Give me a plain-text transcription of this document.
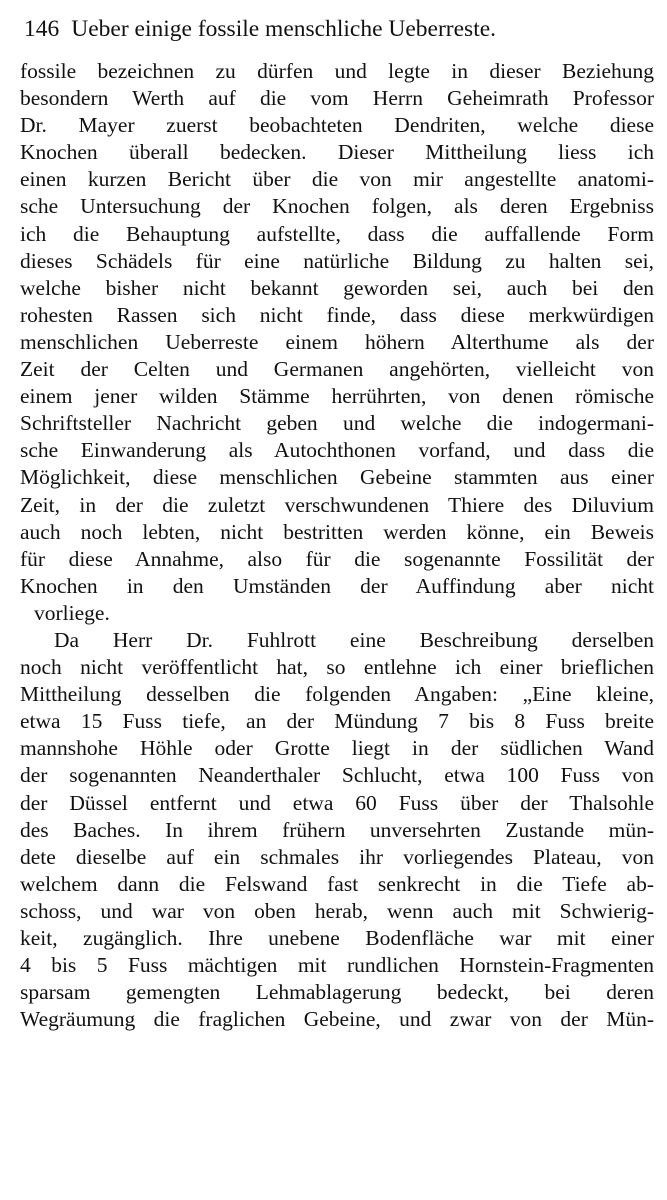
146 Ueber einige fossile menschliche Ueberreste.
fossile bezeichnen zu dürfen und legte in dieser Beziehung
besondern Werth auf die vom Herrn Geheimrath Professor
Dr. Mayer zuerst beobachteten Dendriten, welche diese
Knochen überall bedecken. Dieser Mittheilung liess ich
einen kurzen Bericht über die von mir angestellte anatomi-
sche Untersuchung der Knochen folgen, als deren Ergebniss
ich die Behauptung aufstellte, dass die auffallende Form
dieses Schädels für eine natürliche Bildung zu halten sei,
welche bisher nicht bekannt geworden sei, auch bei den
rohesten Rassen sich nicht finde, dass diese merkwürdigen
menschlichen Ueberreste einem höhern Alterthume als der
Zeit der Celten und Germanen angehörten, vielleicht von
einem jener wilden Stämme herrührten, von denen römische
Schriftsteller Nachricht geben und welche die indogermani-
sche Einwanderung als Autochthonen vorfand, und dass die
Möglichkeit, diese menschlichen Gebeine stammten aus einer
Zeit, in der die zuletzt verschwundenen Thiere des Diluvium
auch noch lebten, nicht bestritten werden könne, ein Beweis
für diese Annahme, also für die sogenannte Fossilität der
Knochen in den Umständen der Auffindung aber nicht
vorliege.
Da Herr Dr. Fuhlrott eine Beschreibung derselben
noch nicht veröffentlicht hat, so entlehne ich einer brieflichen
Mittheilung desselben die folgenden Angaben: „Eine kleine,
etwa 15 Fuss tiefe, an der Mündung 7 bis 8 Fuss breite
mannshohe Höhle oder Grotte liegt in der südlichen Wand
der sogenannten Neanderthaler Schlucht, etwa 100 Fuss von
der Düssel entfernt und etwa 60 Fuss über der Thalsohle
des Baches. In ihrem frühern unversehrten Zustande mün-
dete dieselbe auf ein schmales ihr vorliegendes Plateau, von
welchem dann die Felswand fast senkrecht in die Tiefe ab-
schoss, und war von oben herab, wenn auch mit Schwierig-
keit, zugänglich. Ihre unebene Bodenfläche war mit einer
4 bis 5 Fuss mächtigen mit rundlichen Hornstein-Fragmenten
sparsam gemengten Lehmablagerung bedeckt, bei deren
Wegräumung die fraglichen Gebeine, und zwar von der Mün-
